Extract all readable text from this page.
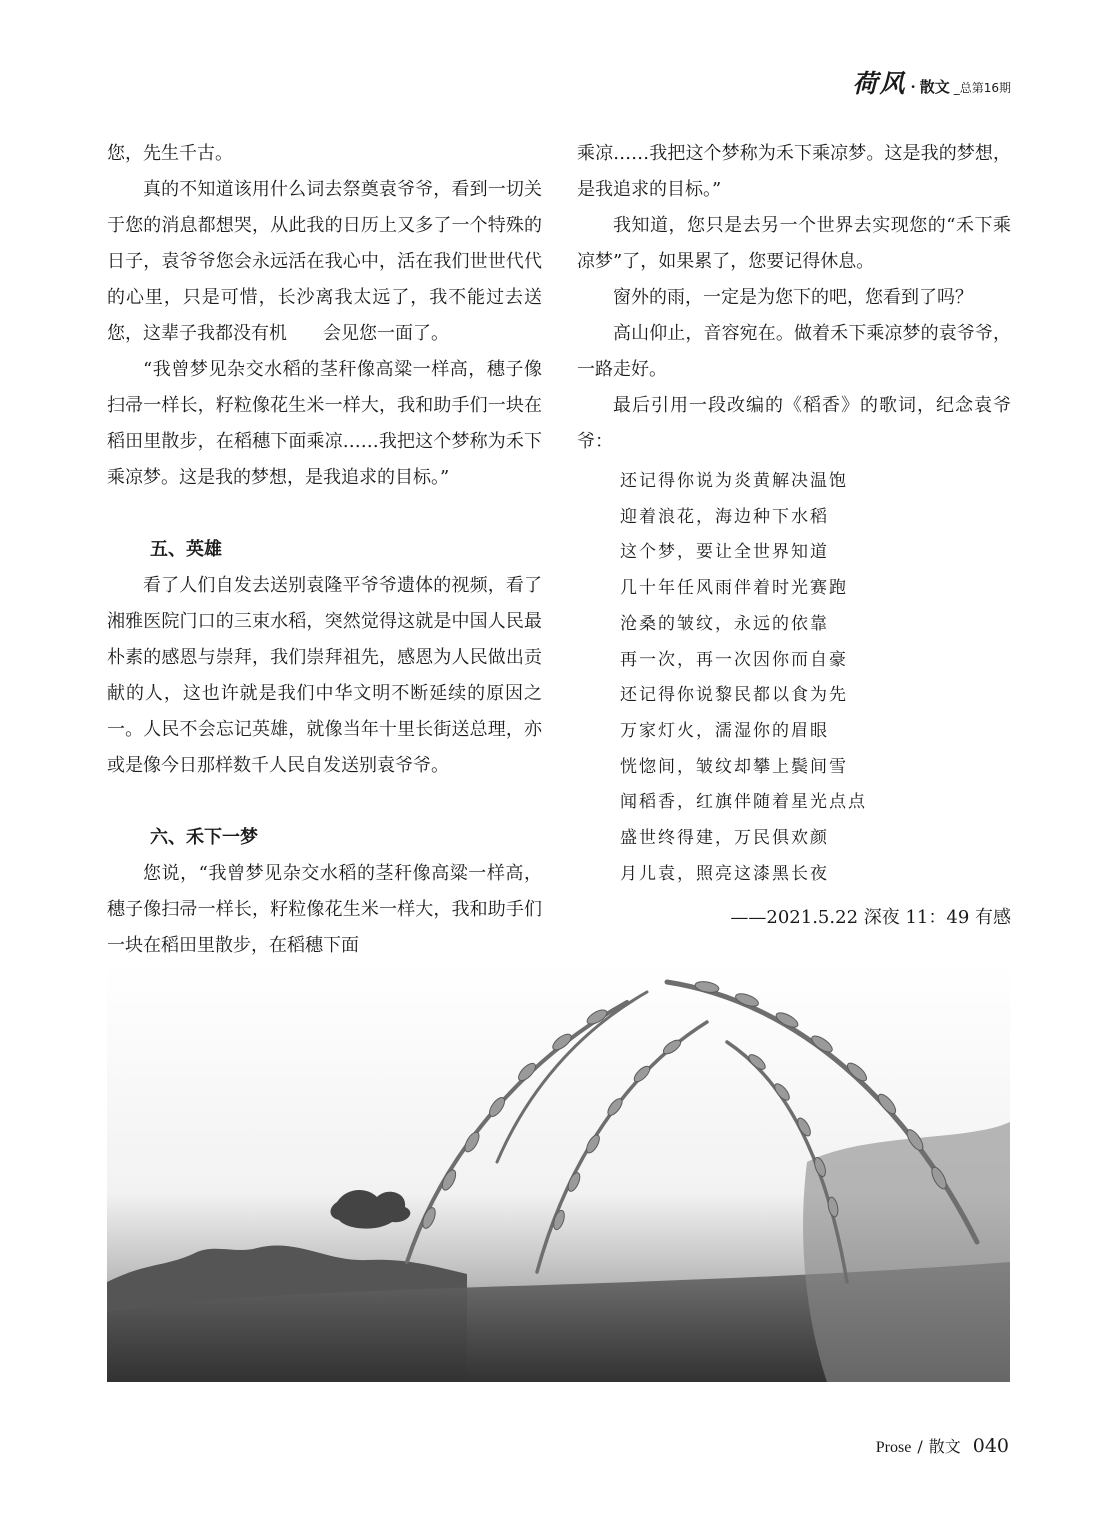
荷风 · 散文 _总第16期

您，先生千古。

真的不知道该用什么词去祭奠袁爷爷，看到一切关于您的消息都想哭，从此我的日历上又多了一个特殊的日子，袁爷爷您会永远活在我心中，活在我们世世代代的心里，只是可惜，长沙离我太远了，我不能过去送您，这辈子我都没有机　　会见您一面了。

“我曾梦见杂交水稻的茎秆像高粱一样高，穗子像扫帚一样长，籽粒像花生米一样大，我和助手们一块在稻田里散步，在稻穗下面乘凉……我把这个梦称为禾下乘凉梦。这是我的梦想，是我追求的目标。”

五、英雄

看了人们自发去送别袁隆平爷爷遗体的视频，看了湘雅医院门口的三束水稻，突然觉得这就是中国人民最朴素的感恩与崇拜，我们崇拜祖先，感恩为人民做出贡献的人，这也许就是我们中华文明不断延续的原因之一。人民不会忘记英雄，就像当年十里长街送总理，亦或是像今日那样数千人民自发送别袁爷爷。

六、禾下一梦

您说，“我曾梦见杂交水稻的茎秆像高粱一样高，穗子像扫帚一样长，籽粒像花生米一样大，我和助手们一块在稻田里散步，在稻穗下面

乘凉……我把这个梦称为禾下乘凉梦。这是我的梦想，是我追求的目标。”

我知道，您只是去另一个世界去实现您的“禾下乘凉梦”了，如果累了，您要记得休息。

窗外的雨，一定是为您下的吧，您看到了吗？

高山仰止，音容宛在。做着禾下乘凉梦的袁爷爷，一路走好。

最后引用一段改编的《稻香》的歌词，纪念袁爷爷：

还记得你说为炎黄解决温饱
迎着浪花，海边种下水稻
这个梦，要让全世界知道
几十年任风雨伴着时光赛跑
沧桑的皱纹，永远的依靠
再一次，再一次因你而自豪
还记得你说黎民都以食为先
万家灯火，濡湿你的眉眼
恍惚间，皱纹却攀上鬓间雪
闻稻香，红旗伴随着星光点点
盛世终得建，万民俱欢颜
月儿袁，照亮这漆黑长夜
——2021.5.22 深夜 11：49 有感
Prose / 散文 040
